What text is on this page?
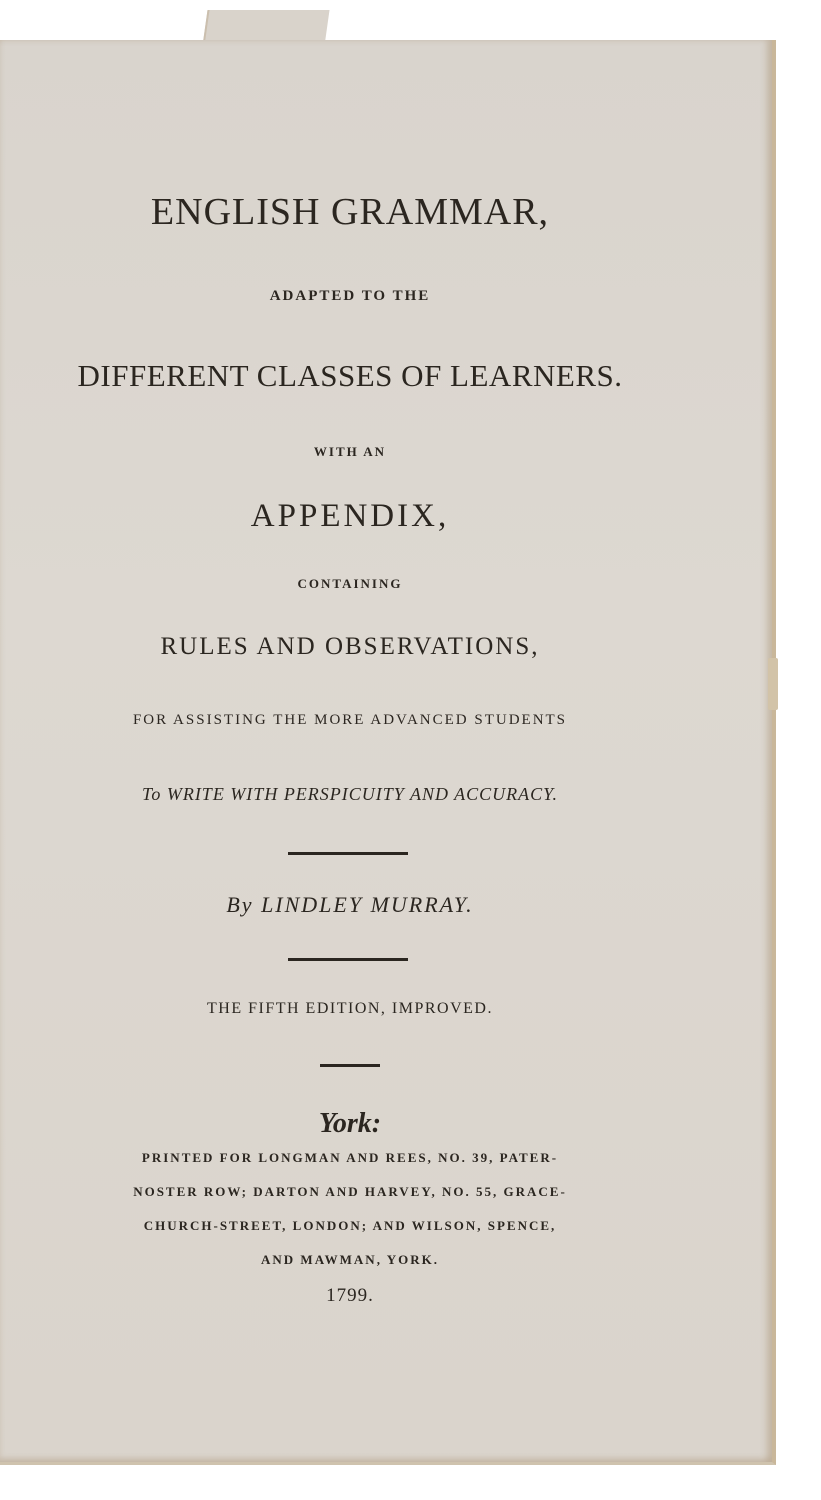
ENGLISH GRAMMAR,
ADAPTED TO THE
DIFFERENT CLASSES OF LEARNERS.
WITH AN
APPENDIX,
CONTAINING
RULES AND OBSERVATIONS,
FOR ASSISTING THE MORE ADVANCED STUDENTS
To WRITE WITH PERSPICUITY AND ACCURACY.
By LINDLEY MURRAY.
THE FIFTH EDITION, IMPROVED.
York:
PRINTED FOR LONGMAN AND REES, NO. 39, PATER-
NOSTER ROW; DARTON AND HARVEY, NO. 55, GRACE-
CHURCH-STREET, LONDON; AND WILSON, SPENCE,
AND MAWMAN, YORK.
1799.
